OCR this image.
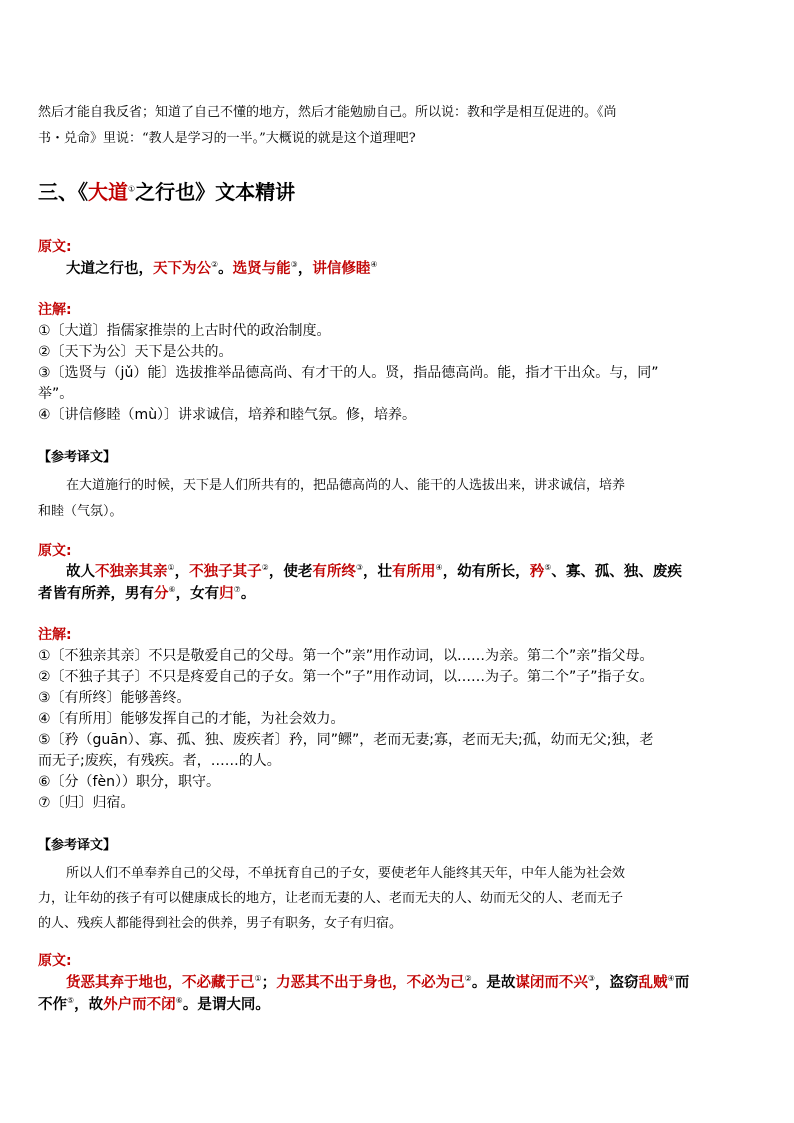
然后才能自我反省；知道了自己不懂的地方，然后才能勉励自己。所以说：教和学是相互促进的。《尚
书・兑命》里说：“教人是学习的一半。”大概说的就是这个道理吧?
三、《大道①之行也》文本精讲
原文:
大道之行也，天下为公②。选贤与能③，讲信修睦④
注解:
①〔大道〕指儒家推崇的上古时代的政治制度。
②〔天下为公〕天下是公共的。
③〔选贤与（jǔ）能〕选拔推举品德高尚、有才干的人。贤，指品德高尚。能，指才干出众。与，同”
举”。
④〔讲信修睦（mù）〕讲求诚信，培养和睦气氛。修，培养。
【参考译文】
在大道施行的时候，天下是人们所共有的，把品德高尚的人、能干的人选拔出来，讲求诚信，培养
和睦（气氛）。
原文:
故人不独亲其亲①，不独子其子②，使老有所终③，壮有所用④，幼有所长，矜⑤、寡、孤、独、废疾
者皆有所养，男有分⑥，女有归⑦。
注解:
①〔不独亲其亲〕不只是敬爱自己的父母。第一个”亲”用作动词，以……为亲。第二个”亲”指父母。
②〔不独子其子〕不只是疼爱自己的子女。第一个”子”用作动词，以……为子。第二个”子”指子女。
③〔有所终〕能够善终。
④〔有所用〕能够发挥自己的才能，为社会效力。
⑤〔矜（guān）、寡、孤、独、废疾者〕矜，同”鳏”，老而无妻;寡，老而无夫;孤，幼而无父;独，老
而无子;废疾，有残疾。者，……的人。
⑥〔分（fèn））职分，职守。
⑦〔归〕归宿。
【参考译文】
所以人们不单奉养自己的父母，不单抚育自己的子女，要使老年人能终其天年，中年人能为社会效
力，让年幼的孩子有可以健康成长的地方，让老而无妻的人、老而无夫的人、幼而无父的人、老而无子
的人、残疾人都能得到社会的供养，男子有职务，女子有归宿。
原文:
货恶其弃于地也，不必藏于己①；力恶其不出于身也，不必为己②。是故谋闭而不兴③，盗窃乱贼④而
不作⑤，故外户而不闭⑥。是谓大同。
